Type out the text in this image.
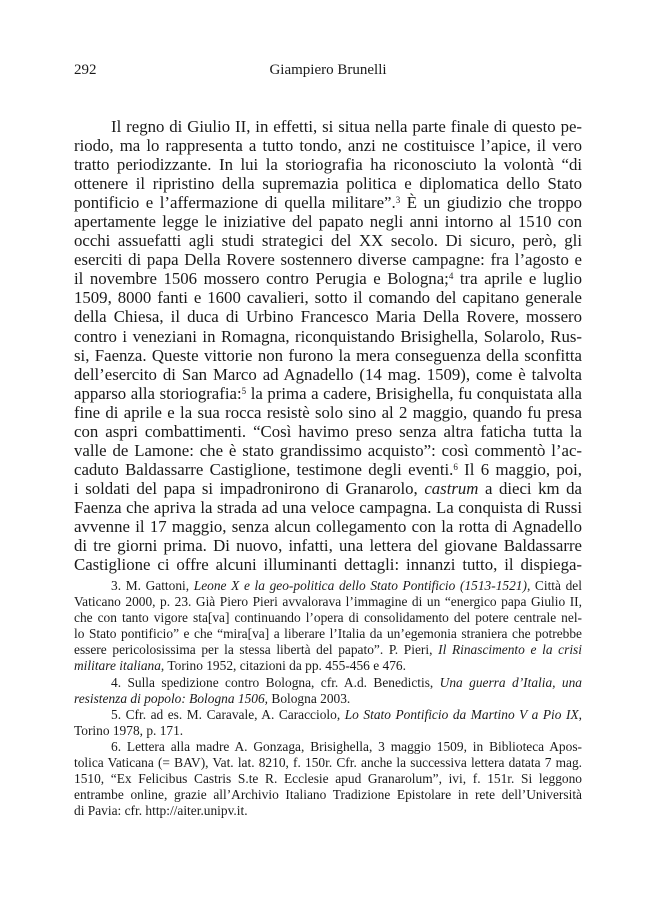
292	Giampiero Brunelli
Il regno di Giulio II, in effetti, si situa nella parte finale di questo pe-
riodo, ma lo rappresenta a tutto tondo, anzi ne costituisce l’apice, il vero
tratto periodizzante. In lui la storiografia ha riconosciuto la volontà “di
ottenere il ripristino della supremazia politica e diplomatica dello Stato
pontificio e l’affermazione di quella militare”.$^3$ È un giudizio che troppo
apertamente legge le iniziative del papato negli anni intorno al 1510 con
occhi assuefatti agli studi strategici del XX secolo. Di sicuro, però, gli
eserciti di papa Della Rovere sostennero diverse campagne: fra l’agosto e
il novembre 1506 mossero contro Perugia e Bologna;$^4$ tra aprile e luglio
1509, 8000 fanti e 1600 cavalieri, sotto il comando del capitano generale
della Chiesa, il duca di Urbino Francesco Maria Della Rovere, mossero
contro i veneziani in Romagna, riconquistando Brisighella, Solarolo, Rus-
si, Faenza. Queste vittorie non furono la mera conseguenza della sconfitta
dell’esercito di San Marco ad Agnadello (14 mag. 1509), come è talvolta
apparso alla storiografia:$^5$ la prima a cadere, Brisighella, fu conquistata alla
fine di aprile e la sua rocca resistè solo sino al 2 maggio, quando fu presa
con aspri combattimenti. “Così havimo preso senza altra faticha tutta la
valle de Lamone: che è stato grandissimo acquisto”: così commentò l’ac-
caduto Baldassarre Castiglione, testimone degli eventi.$^6$ Il 6 maggio, poi,
i soldati del papa si impadronirono di Granarolo, castrum a dieci km da
Faenza che apriva la strada ad una veloce campagna. La conquista di Russi
avvenne il 17 maggio, senza alcun collegamento con la rotta di Agnadello
di tre giorni prima. Di nuovo, infatti, una lettera del giovane Baldassarre
Castiglione ci offre alcuni illuminanti dettagli: innanzi tutto, il dispiega-
3. M. Gattoni, Leone X e la geo-politica dello Stato Pontificio (1513-1521), Città del
Vaticano 2000, p. 23. Già Piero Pieri avvalorava l’immagine di un “energico papa Giulio II,
che con tanto vigore sta[va] continuando l’opera di consolidamento del potere centrale nel-
lo Stato pontificio” e che “mira[va] a liberare l’Italia da un’egemonia straniera che potrebbe
essere pericolosissima per la stessa libertà del papato”. P. Pieri, Il Rinascimento e la crisi
militare italiana, Torino 1952, citazioni da pp. 455-456 e 476.
4. Sulla spedizione contro Bologna, cfr. A.d. Benedictis, Una guerra d’Italia, una
resistenza di popolo: Bologna 1506, Bologna 2003.
5. Cfr. ad es. M. Caravale, A. Caracciolo, Lo Stato Pontificio da Martino V a Pio IX,
Torino 1978, p. 171.
6. Lettera alla madre A. Gonzaga, Brisighella, 3 maggio 1509, in Biblioteca Apos-
tolica Vaticana (= BAV), Vat. lat. 8210, f. 150r. Cfr. anche la successiva lettera datata 7 mag.
1510, “Ex Felicibus Castris S.te R. Ecclesie apud Granarolum”, ivi, f. 151r. Si leggono
entrambe online, grazie all’Archivio Italiano Tradizione Epistolare in rete dell’Università
di Pavia: cfr. http://aiter.unipv.it.
